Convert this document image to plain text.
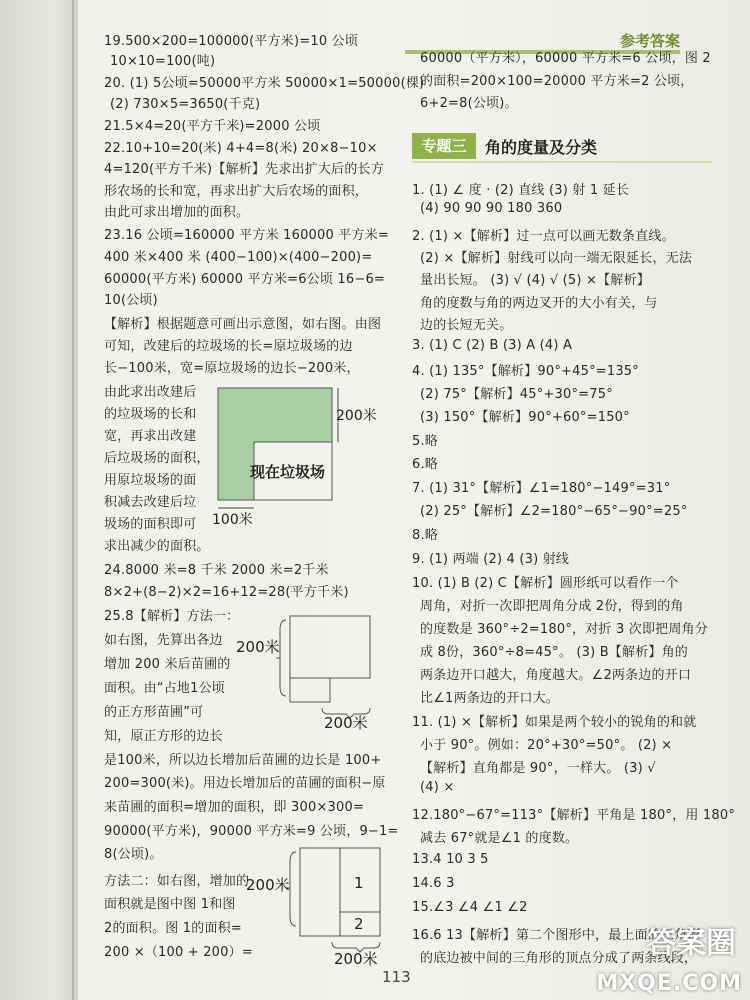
参考答案
19.500×200=100000(平方米)=10 公顷
10×10=100(吨)
20. (1) 5公顷=50000平方米 50000×1=50000(棵)
(2) 730×5=3650(千克)
21.5×4=20(平方千米)=2000 公顷
22.10+10=20(米) 4+4=8(米) 20×8−10×
4=120(平方千米)【解析】先求出扩大后的长方
形农场的长和宽，再求出扩大后农场的面积，
由此可求出增加的面积。
23.16 公顷=160000 平方米 160000 平方米=
400 米×400 米 (400−100)×(400−200)=
60000(平方米) 60000 平方米=6公顷 16−6=
10(公顷)
【解析】根据题意可画出示意图，如右图。由图
可知，改建后的垃圾场的长=原垃圾场的边
长−100米，宽=原垃圾场的边长−200米，
由此求出改建后
的垃圾场的长和
宽，再求出改建
后垃圾场的面积，
用原垃圾场的面
积减去改建后垃
圾场的面积即可
求出减少的面积。
24.8000 米=8 千米 2000 米=2千米
8×2+(8−2)×2=16+12=28(平方千米)
25.8【解析】方法一：
如右图，先算出各边
增加 200 米后苗圃的
面积。由“占地1公顷
的正方形苗圃”可
知，原正方形的边长
是100米，所以边长增加后苗圃的边长是 100+
200=300(米)。用边长增加后的苗圃的面积−原
来苗圃的面积=增加的面积，即 300×300=
90000(平方米)，90000 平方米=9 公顷，9−1=
8(公顷)。
方法二：如右图，增加的
面积就是图中图 1和图
2的面积。图 1的面积=
200 ×（100 + 200）=
60000（平方米），60000 平方米=6 公顷，图 2
的面积=200×100=20000 平方米=2 公顷，
6+2=8(公顷)。
专题三	角的度量及分类
1. (1) ∠ 度 · (2) 直线 (3) 射 1 延长
(4) 90 90 90 180 360
2. (1) ×【解析】过一点可以画无数条直线。
(2) ×【解析】射线可以向一端无限延长，无法
量出长短。 (3) √ (4) √ (5) ×【解析】
角的度数与角的两边叉开的大小有关，与
边的长短无关。
3. (1) C (2) B (3) A (4) A
4. (1) 135°【解析】90°+45°=135°
(2) 75°【解析】45°+30°=75°
(3) 150°【解析】90°+60°=150°
5.略
6.略
7. (1) 31°【解析】∠1=180°−149°=31°
(2) 25°【解析】∠2=180°−65°−90°=25°
8.略
9. (1) 两端 (2) 4 (3) 射线
10. (1) B (2) C【解析】圆形纸可以看作一个
周角，对折一次即把周角分成 2份，得到的角
的度数是 360°÷2=180°，对折 3 次即把周角分
成 8份，360°÷8=45°。 (3) B【解析】角的
两条边开口越大，角度越大。∠2两条边的开口
比∠1两条边的开口大。
11. (1) ×【解析】如果是两个较小的锐角的和就
小于 90°。例如：20°+30°=50°。 (2) ×
【解析】直角都是 90°，一样大。 (3) √
(4) ×
12.180°−67°=113°【解析】平角是 180°，用 180°
减去 67°就是∠1 的度数。
13.4 10 3 5
14.6 3
15.∠3 ∠4 ∠1 ∠2
16.6 13【解析】第二个图形中，最上面的三角形
的底边被中间的三角形的顶点分成了两条线段，
200米
100米
现在垃圾场
200米
200米
200米
200米
1
2
113
答案圈
MXQE.COM
